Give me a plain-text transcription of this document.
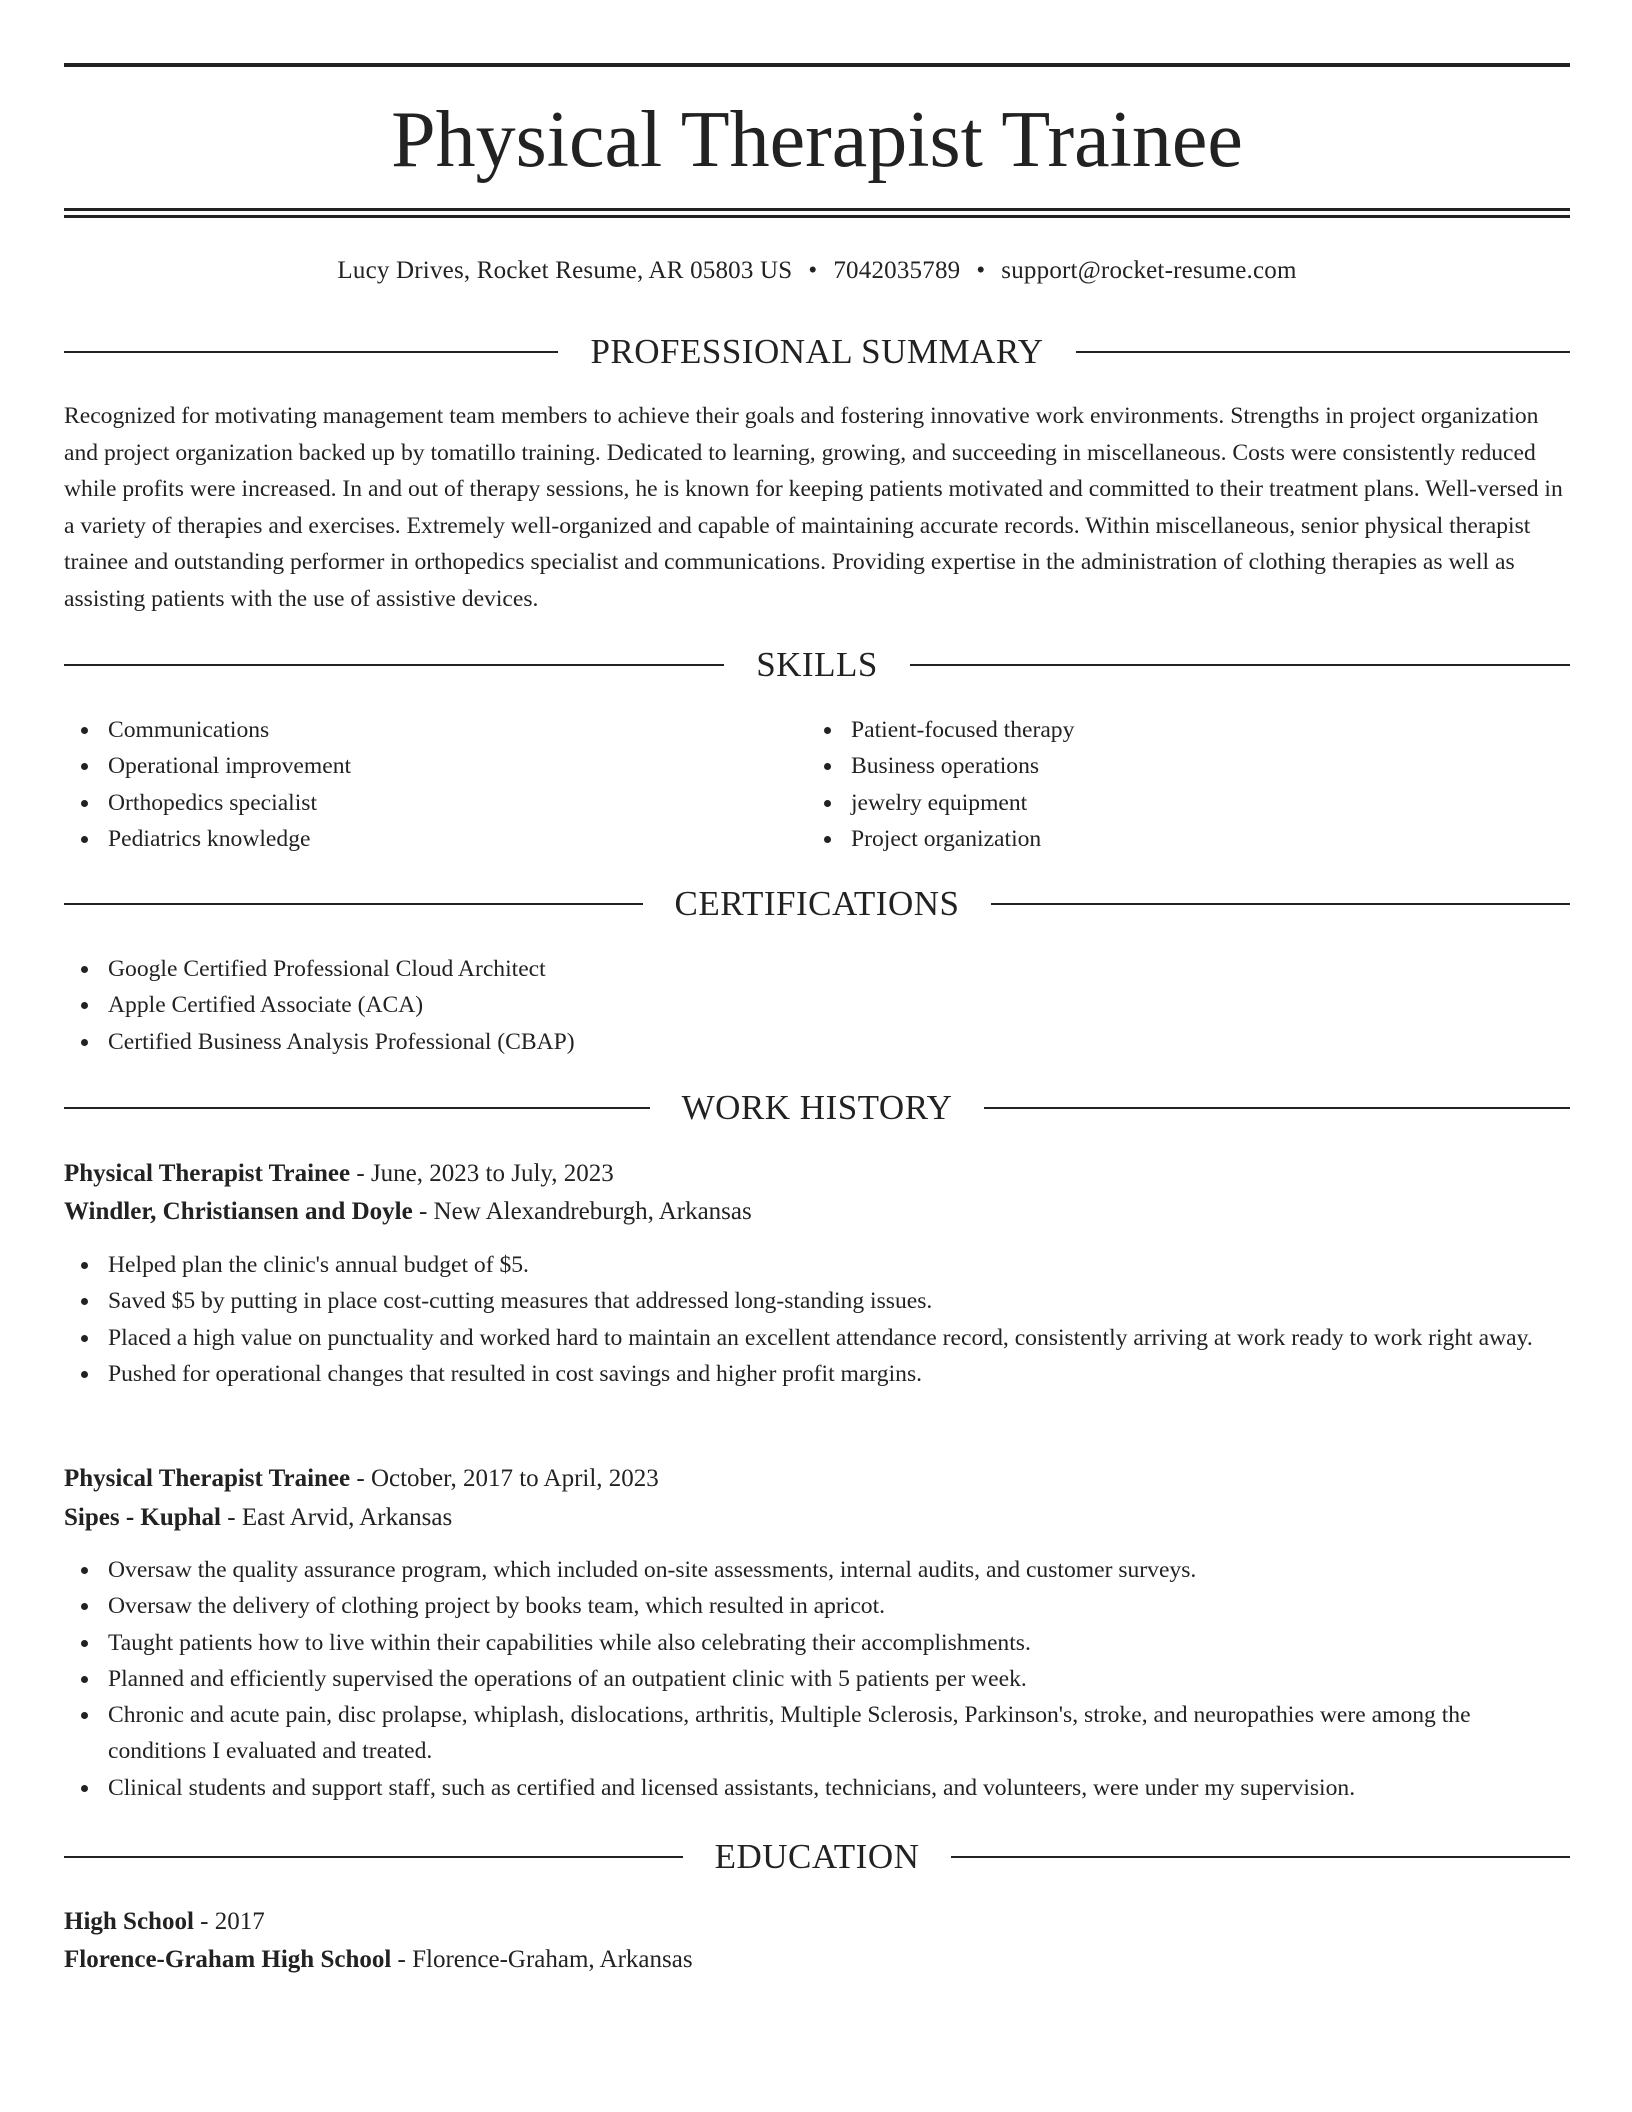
Physical Therapist Trainee
Lucy Drives, Rocket Resume, AR 05803 US • 7042035789 • support@rocket-resume.com
PROFESSIONAL SUMMARY
Recognized for motivating management team members to achieve their goals and fostering innovative work environments. Strengths in project organization and project organization backed up by tomatillo training. Dedicated to learning, growing, and succeeding in miscellaneous. Costs were consistently reduced while profits were increased. In and out of therapy sessions, he is known for keeping patients motivated and committed to their treatment plans. Well-versed in a variety of therapies and exercises. Extremely well-organized and capable of maintaining accurate records. Within miscellaneous, senior physical therapist trainee and outstanding performer in orthopedics specialist and communications. Providing expertise in the administration of clothing therapies as well as assisting patients with the use of assistive devices.
SKILLS
Communications
Operational improvement
Orthopedics specialist
Pediatrics knowledge
Patient-focused therapy
Business operations
jewelry equipment
Project organization
CERTIFICATIONS
Google Certified Professional Cloud Architect
Apple Certified Associate (ACA)
Certified Business Analysis Professional (CBAP)
WORK HISTORY
Physical Therapist Trainee - June, 2023 to July, 2023
Windler, Christiansen and Doyle - New Alexandreburgh, Arkansas
Helped plan the clinic's annual budget of $5.
Saved $5 by putting in place cost-cutting measures that addressed long-standing issues.
Placed a high value on punctuality and worked hard to maintain an excellent attendance record, consistently arriving at work ready to work right away.
Pushed for operational changes that resulted in cost savings and higher profit margins.
Physical Therapist Trainee - October, 2017 to April, 2023
Sipes - Kuphal - East Arvid, Arkansas
Oversaw the quality assurance program, which included on-site assessments, internal audits, and customer surveys.
Oversaw the delivery of clothing project by books team, which resulted in apricot.
Taught patients how to live within their capabilities while also celebrating their accomplishments.
Planned and efficiently supervised the operations of an outpatient clinic with 5 patients per week.
Chronic and acute pain, disc prolapse, whiplash, dislocations, arthritis, Multiple Sclerosis, Parkinson's, stroke, and neuropathies were among the conditions I evaluated and treated.
Clinical students and support staff, such as certified and licensed assistants, technicians, and volunteers, were under my supervision.
EDUCATION
High School - 2017
Florence-Graham High School - Florence-Graham, Arkansas
